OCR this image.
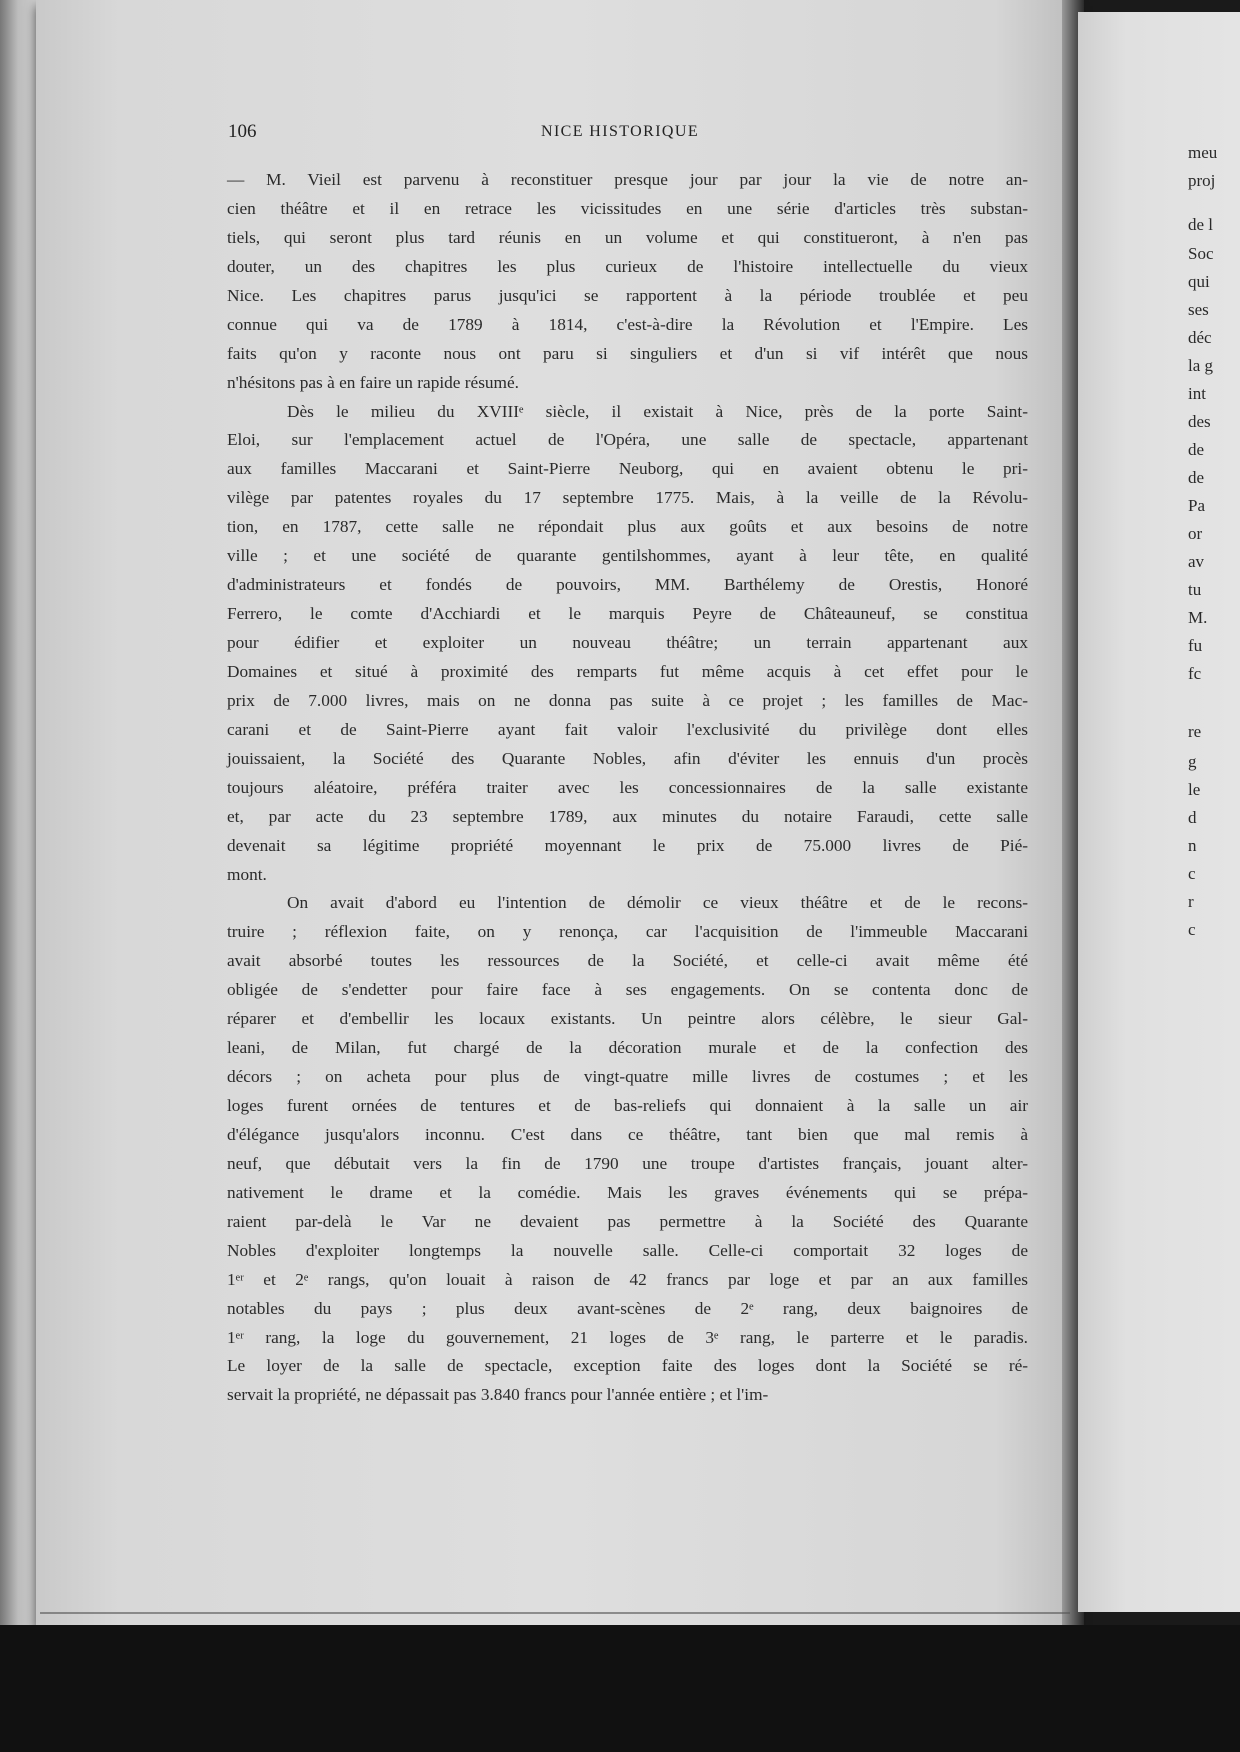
meu
proj
de l
Soc
qui
ses
déc
la g
int
des
de
de
Pa
or
av
tu
M.
fu
fc
re
g
le
d
n
c
r
c
106	NICE HISTORIQUE
— M. Vieil est parvenu à reconstituer presque jour par jour la vie de notre an-
cien théâtre et il en retrace les vicissitudes en une série d'articles très substan-
tiels, qui seront plus tard réunis en un volume et qui constitueront, à n'en pas
douter, un des chapitres les plus curieux de l'histoire intellectuelle du vieux
Nice. Les chapitres parus jusqu'ici se rapportent à la période troublée et peu
connue qui va de 1789 à 1814, c'est-à-dire la Révolution et l'Empire. Les
faits qu'on y raconte nous ont paru si singuliers et d'un si vif intérêt que nous
n'hésitons pas à en faire un rapide résumé.
Dès le milieu du XVIIIᵉ siècle, il existait à Nice, près de la porte Saint-
Eloi, sur l'emplacement actuel de l'Opéra, une salle de spectacle, appartenant
aux familles Maccarani et Saint-Pierre Neuborg, qui en avaient obtenu le pri-
vilège par patentes royales du 17 septembre 1775. Mais, à la veille de la Révolu-
tion, en 1787, cette salle ne répondait plus aux goûts et aux besoins de notre
ville ; et une société de quarante gentilshommes, ayant à leur tête, en qualité
d'administrateurs et fondés de pouvoirs, MM. Barthélemy de Orestis, Honoré
Ferrero, le comte d'Acchiardi et le marquis Peyre de Châteauneuf, se constitua
pour édifier et exploiter un nouveau théâtre; un terrain appartenant aux
Domaines et situé à proximité des remparts fut même acquis à cet effet pour le
prix de 7.000 livres, mais on ne donna pas suite à ce projet ; les familles de Mac-
carani et de Saint-Pierre ayant fait valoir l'exclusivité du privilège dont elles
jouissaient, la Société des Quarante Nobles, afin d'éviter les ennuis d'un procès
toujours aléatoire, préféra traiter avec les concessionnaires de la salle existante
et, par acte du 23 septembre 1789, aux minutes du notaire Faraudi, cette salle
devenait sa légitime propriété moyennant le prix de 75.000 livres de Pié-
mont.
On avait d'abord eu l'intention de démolir ce vieux théâtre et de le recons-
truire ; réflexion faite, on y renonça, car l'acquisition de l'immeuble Maccarani
avait absorbé toutes les ressources de la Société, et celle-ci avait même été
obligée de s'endetter pour faire face à ses engagements. On se contenta donc de
réparer et d'embellir les locaux existants. Un peintre alors célèbre, le sieur Gal-
leani, de Milan, fut chargé de la décoration murale et de la confection des
décors ; on acheta pour plus de vingt-quatre mille livres de costumes ; et les
loges furent ornées de tentures et de bas-reliefs qui donnaient à la salle un air
d'élégance jusqu'alors inconnu. C'est dans ce théâtre, tant bien que mal remis à
neuf, que débutait vers la fin de 1790 une troupe d'artistes français, jouant alter-
nativement le drame et la comédie. Mais les graves événements qui se prépa-
raient par-delà le Var ne devaient pas permettre à la Société des Quarante
Nobles d'exploiter longtemps la nouvelle salle. Celle-ci comportait 32 loges de
1ᵉʳ et 2ᵉ rangs, qu'on louait à raison de 42 francs par loge et par an aux familles
notables du pays ; plus deux avant-scènes de 2ᵉ rang, deux baignoires de
1ᵉʳ rang, la loge du gouvernement, 21 loges de 3ᵉ rang, le parterre et le paradis.
Le loyer de la salle de spectacle, exception faite des loges dont la Société se ré-
servait la propriété, ne dépassait pas 3.840 francs pour l'année entière ; et l'im-
